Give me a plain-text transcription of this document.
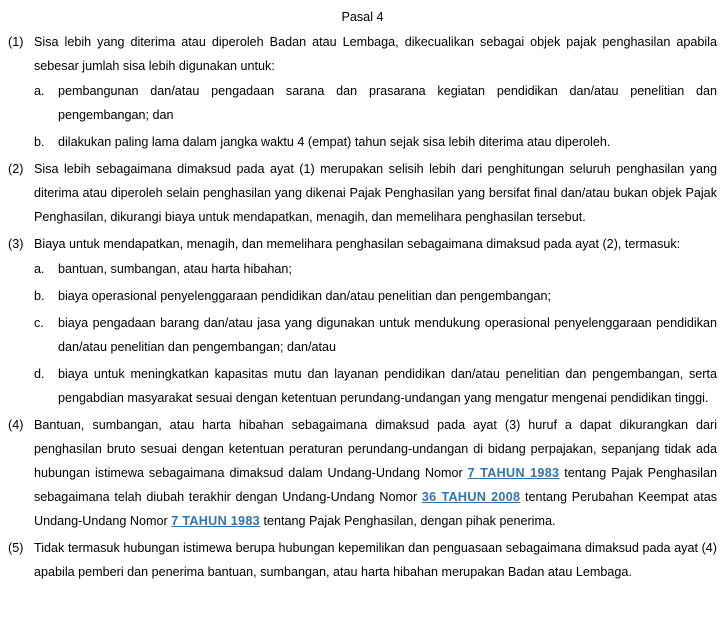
Pasal 4
(1) Sisa lebih yang diterima atau diperoleh Badan atau Lembaga, dikecualikan sebagai objek pajak penghasilan apabila sebesar jumlah sisa lebih digunakan untuk:

a.	pembangunan dan/atau pengadaan sarana dan prasarana kegiatan pendidikan dan/atau penelitian dan pengembangan; dan
b.	dilakukan paling lama dalam jangka waktu 4 (empat) tahun sejak sisa lebih diterima atau diperoleh.
(2) Sisa lebih sebagaimana dimaksud pada ayat (1) merupakan selisih lebih dari penghitungan seluruh penghasilan yang diterima atau diperoleh selain penghasilan yang dikenai Pajak Penghasilan yang bersifat final dan/atau bukan objek Pajak Penghasilan, dikurangi biaya untuk mendapatkan, menagih, dan memelihara penghasilan tersebut.

(3) Biaya untuk mendapatkan, menagih, dan memelihara penghasilan sebagaimana dimaksud pada ayat (2), termasuk:

a.	bantuan, sumbangan, atau harta hibahan;
b.	biaya operasional penyelenggaraan pendidikan dan/atau penelitian dan pengembangan;
c.	biaya pengadaan barang dan/atau jasa yang digunakan untuk mendukung operasional penyelenggaraan pendidikan dan/atau penelitian dan pengembangan; dan/atau
d.	biaya untuk meningkatkan kapasitas mutu dan layanan pendidikan dan/atau penelitian dan pengembangan, serta pengabdian masyarakat sesuai dengan ketentuan perundang-undangan yang mengatur mengenai pendidikan tinggi.
(4) Bantuan, sumbangan, atau harta hibahan sebagaimana dimaksud pada ayat (3) huruf a dapat dikurangkan dari penghasilan bruto sesuai dengan ketentuan peraturan perundang-undangan di bidang perpajakan, sepanjang tidak ada hubungan istimewa sebagaimana dimaksud dalam Undang-Undang Nomor 7 TAHUN 1983 tentang Pajak Penghasilan sebagaimana telah diubah terakhir dengan Undang-Undang Nomor 36 TAHUN 2008 tentang Perubahan Keempat atas Undang-Undang Nomor 7 TAHUN 1983 tentang Pajak Penghasilan, dengan pihak penerima.

(5) Tidak termasuk hubungan istimewa berupa hubungan kepemilikan dan penguasaan sebagaimana dimaksud pada ayat (4) apabila pemberi dan penerima bantuan, sumbangan, atau harta hibahan merupakan Badan atau Lembaga.
